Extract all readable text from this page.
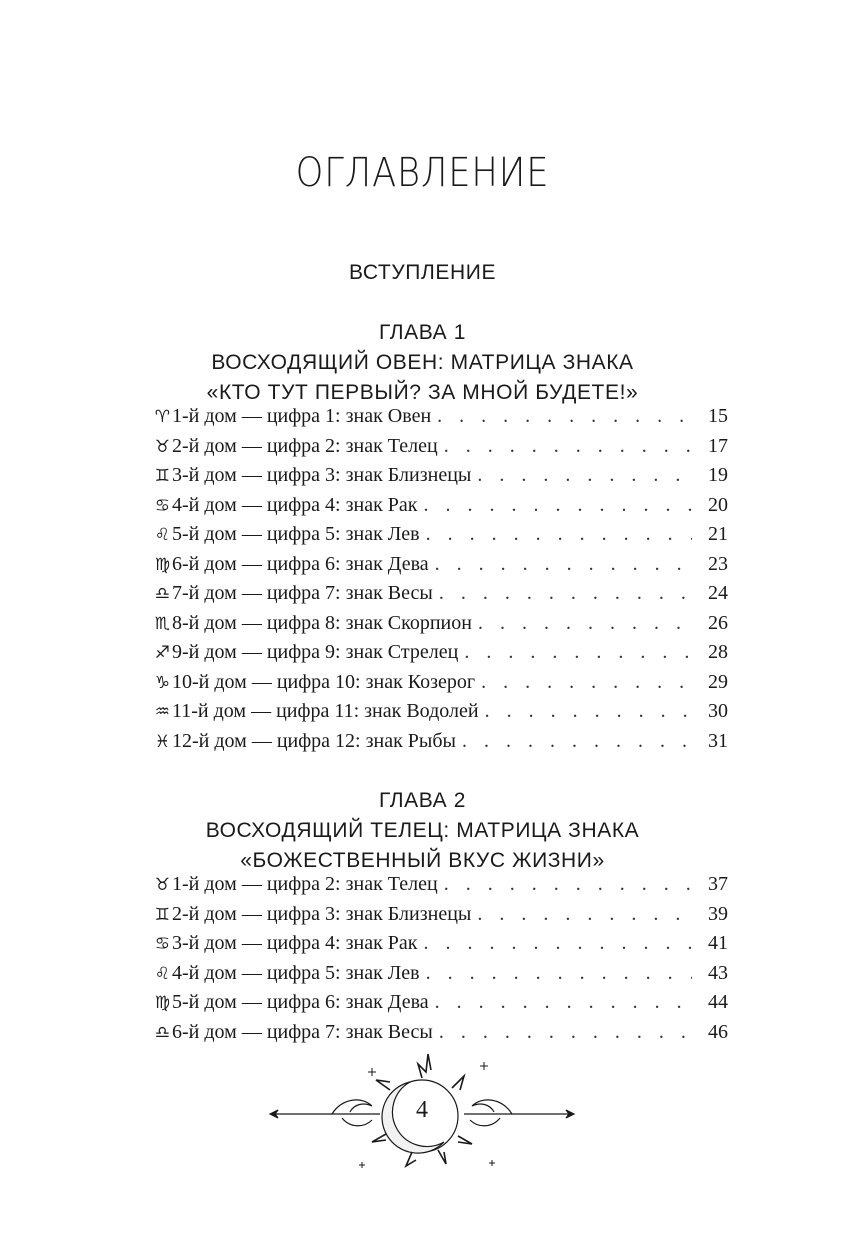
ОГЛАВЛЕНИЕ
ВСТУПЛЕНИЕ
ГЛАВА 1
ВОСХОДЯЩИЙ ОВЕН: МАТРИЦА ЗНАКА
«КТО ТУТ ПЕРВЫЙ? ЗА МНОЙ БУДЕТЕ!»
♈ 1-й дом — цифра 1: знак Овен . . .	15
♉ 2-й дом — цифра 2: знак Телец . . .	17
♊ 3-й дом — цифра 3: знак Близнецы . . .	19
♋ 4-й дом — цифра 4: знак Рак . . .	20
♌ 5-й дом — цифра 5: знак Лев . . .	21
♍ 6-й дом — цифра 6: знак Дева . . .	23
♎ 7-й дом — цифра 7: знак Весы . . .	24
♏ 8-й дом — цифра 8: знак Скорпион . . .	26
♐ 9-й дом — цифра 9: знак Стрелец . . .	28
♑ 10-й дом — цифра 10: знак Козерог . . .	29
♒ 11-й дом — цифра 11: знак Водолей . . .	30
♓ 12-й дом — цифра 12: знак Рыбы . . .	31
ГЛАВА 2
ВОСХОДЯЩИЙ ТЕЛЕЦ: МАТРИЦА ЗНАКА
«БОЖЕСТВЕННЫЙ ВКУС ЖИЗНИ»
♉ 1-й дом — цифра 2: знак Телец . . .	37
♊ 2-й дом — цифра 3: знак Близнецы . . .	39
♋ 3-й дом — цифра 4: знак Рак . . .	41
♌ 4-й дом — цифра 5: знак Лев . . .	43
♍ 5-й дом — цифра 6: знак Дева . . .	44
♎ 6-й дом — цифра 7: знак Весы . . .	46
4
